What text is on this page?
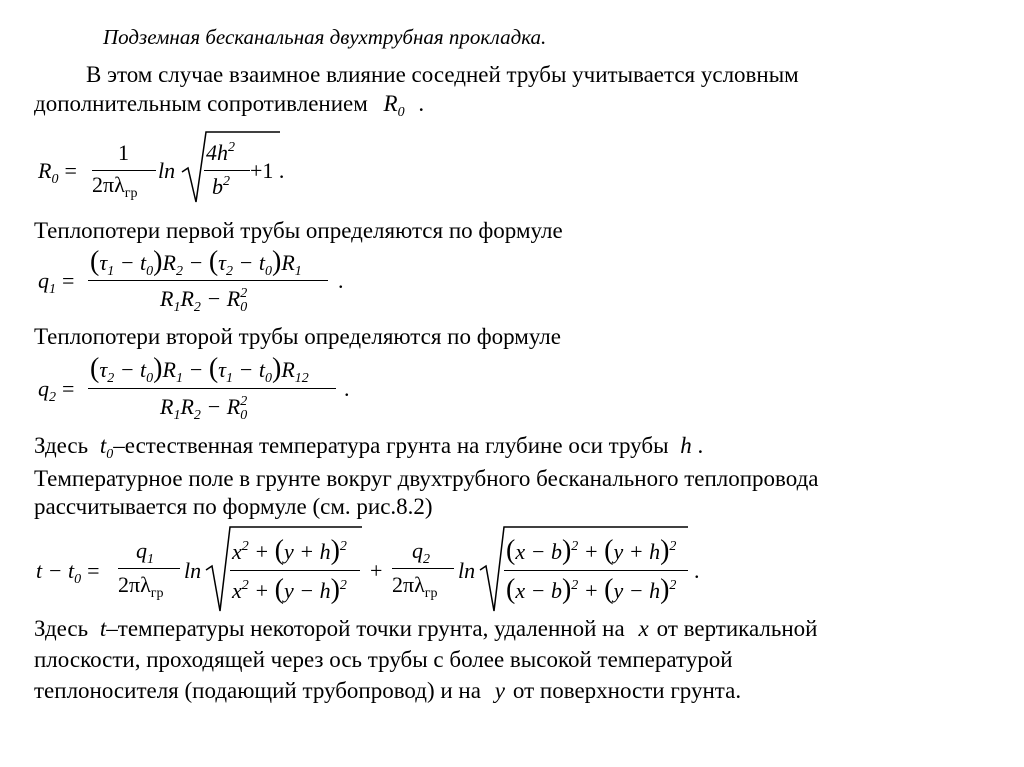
Подземная бесканальная двухтрубная прокладка.
В этом случае взаимное влияние соседней трубы учитывается условным
дополнительным сопротивлением $R_0$ .
$R_0$ =
1
$2\pi\lambda_{гр}$
ln
$4h^2$
$b^2 +1$ .
Теплопотери первой трубы определяются по формуле
$q_1$ =
$(\tau_1 - t_0)R_2 - (\tau_2 - t_0)R_1$
$R_1R_2 - R_0^2$
.
Теплопотери второй трубы определяются по формуле
$q_2$ =
$(\tau_2 - t_0)R_1 - (\tau_1 - t_0)R_{12}$
$R_1R_2 - R_0^2$
.
Здесь $t_0$–естественная температура грунта на глубине оси трубы h .
Температурное поле в грунте вокруг двухтрубного бесканального теплопровода
рассчитывается по формуле (см. рис.8.2)
$t - t_0$ =
$q_1$
$2\pi\lambda_{гр}$
ln
$x^2 + (y + h)^2$
$x^2 + (y - h)^2$
+
$q_2$
$2\pi\lambda_{гр}$
ln
$(x - b)^2 + (y + h)^2$
$(x - b)^2 + (y - h)^2$
.
Здесь t–температуры некоторой точки грунта, удаленной на x от вертикальной
плоскости, проходящей через ось трубы с более высокой температурой
теплоносителя (подающий трубопровод) и на y от поверхности грунта.
